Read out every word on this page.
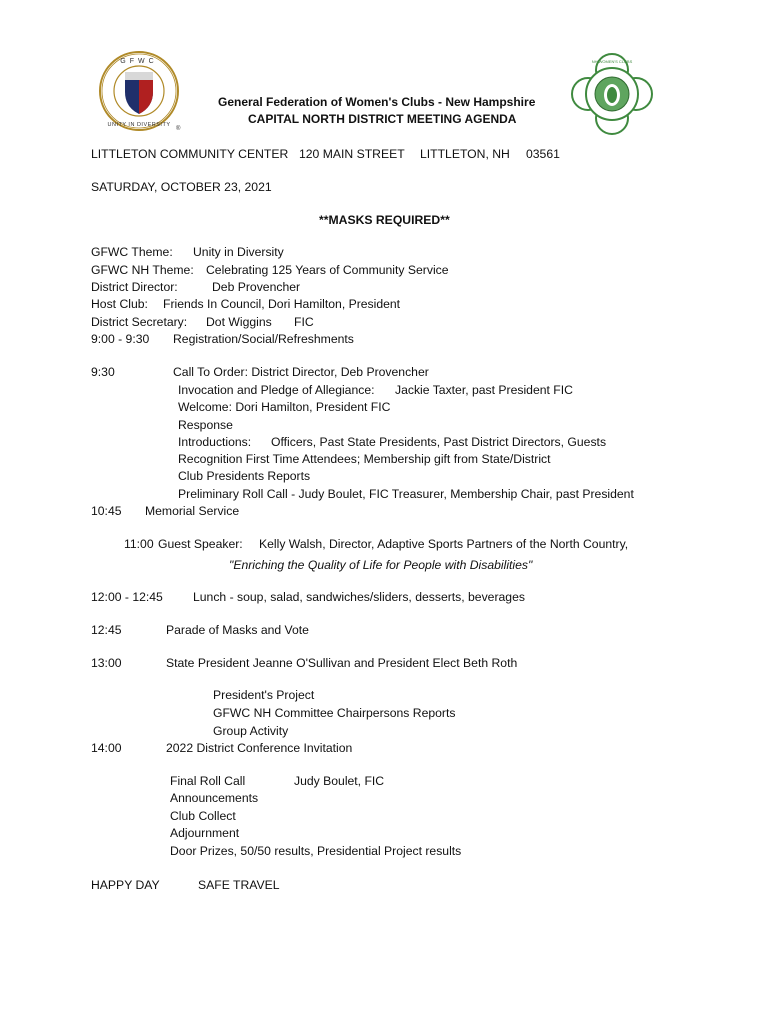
GFWC
UNITY IN DIVERSITY
®
NH WOMEN'S CLUBS
General Federation of Women's Clubs - New Hampshire
CAPITAL NORTH DISTRICT MEETING AGENDA
LITTLETON COMMUNITY CENTER 120 MAIN STREET LITTLETON, NH 03561
SATURDAY, OCTOBER 23, 2021
**MASKS REQUIRED**
GFWC Theme: Unity in Diversity
GFWC NH Theme: Celebrating 125 Years of Community Service
District Director:	Deb Provencher
Host Club: Friends In Council, Dori Hamilton, President
District Secretary: Dot Wiggins FIC
9:00 - 9:30 Registration/Social/Refreshments
9:30	Call To Order: District Director, Deb Provencher
Invocation and Pledge of Allegiance: Jackie Taxter, past President FIC
Welcome: Dori Hamilton, President FIC
Response
Introductions: Officers, Past State Presidents, Past District Directors, Guests
Recognition First Time Attendees; Membership gift from State/District
Club Presidents Reports
Preliminary Roll Call - Judy Boulet, FIC Treasurer, Membership Chair, past President
10:45 Memorial Service
11:00 Guest Speaker: Kelly Walsh, Director, Adaptive Sports Partners of the North Country,
"Enriching the Quality of Life for People with Disabilities"
12:00 - 12:45 Lunch - soup, salad, sandwiches/sliders, desserts, beverages
12:45	Parade of Masks and Vote
13:00	State President Jeanne O'Sullivan and President Elect Beth Roth
President's Project
GFWC NH Committee Chairpersons Reports
Group Activity
14:00	2022 District Conference Invitation
Final Roll Call	Judy Boulet, FIC
Announcements
Club Collect
Adjournment
Door Prizes, 50/50 results, Presidential Project results
HAPPY DAY	SAFE TRAVEL
